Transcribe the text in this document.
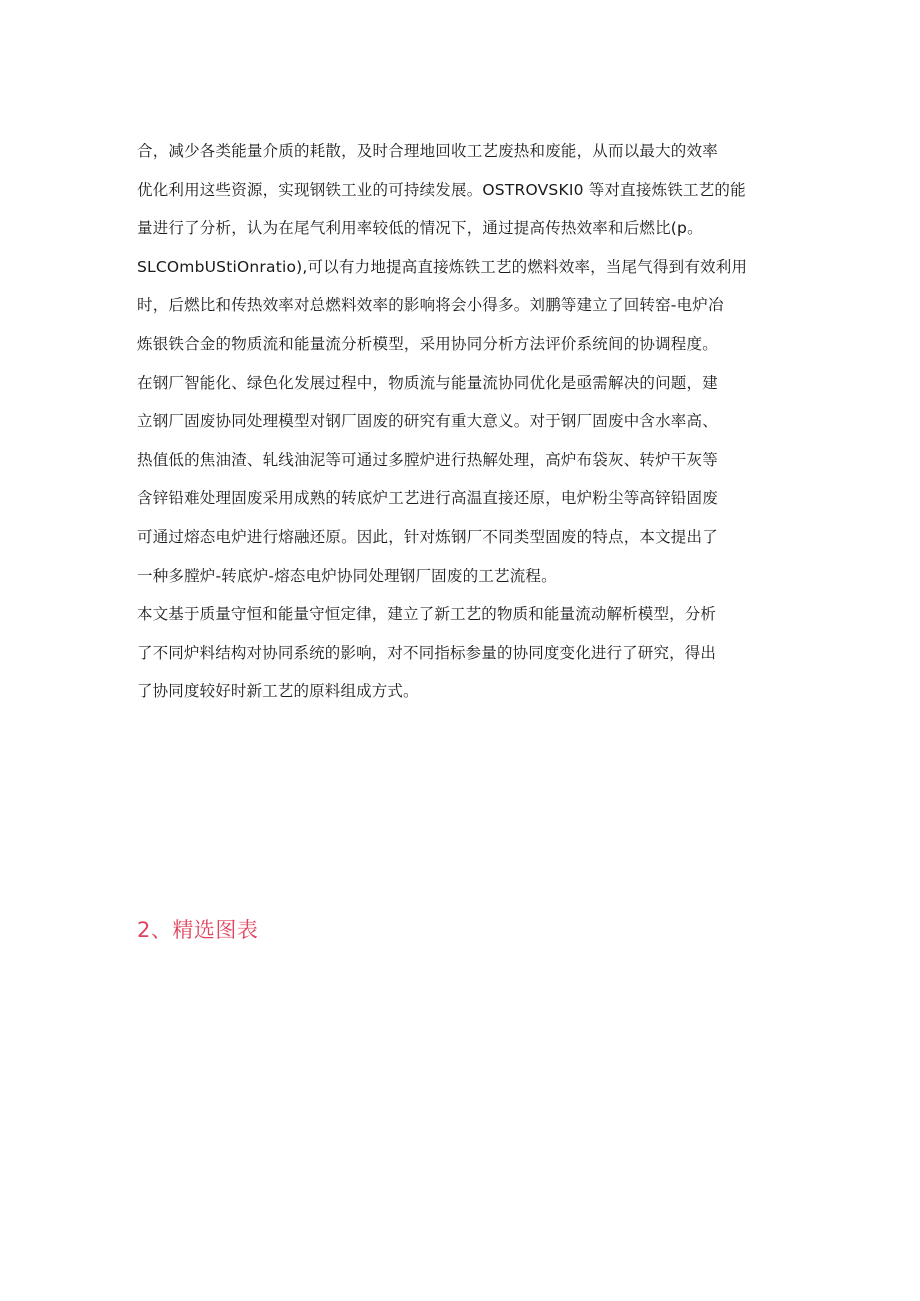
合，减少各类能量介质的耗散，及时合理地回收工艺废热和废能，从而以最大的效率
优化利用这些资源，实现钢铁工业的可持续发展。OSTROVSKI0 等对直接炼铁工艺的能
量进行了分析，认为在尾气利用率较低的情况下，通过提高传热效率和后燃比(p。
SLCOmbUStiOnratio),可以有力地提高直接炼铁工艺的燃料效率，当尾气得到有效利用
时，后燃比和传热效率对总燃料效率的影响将会小得多。刘鹏等建立了回转窑-电炉冶
炼银铁合金的物质流和能量流分析模型，采用协同分析方法评价系统间的协调程度。
在钢厂智能化、绿色化发展过程中，物质流与能量流协同优化是亟需解决的问题，建
立钢厂固废协同处理模型对钢厂固废的研究有重大意义。对于钢厂固废中含水率高、
热值低的焦油渣、轧线油泥等可通过多膛炉进行热解处理，高炉布袋灰、转炉干灰等
含锌铅难处理固废采用成熟的转底炉工艺进行高温直接还原，电炉粉尘等高锌铅固废
可通过熔态电炉进行熔融还原。因此，针对炼钢厂不同类型固废的特点，本文提出了
一种多膛炉-转底炉-熔态电炉协同处理钢厂固废的工艺流程。
本文基于质量守恒和能量守恒定律，建立了新工艺的物质和能量流动解析模型，分析
了不同炉料结构对协同系统的影响，对不同指标参量的协同度变化进行了研究，得出
了协同度较好时新工艺的原料组成方式。
2、精选图表
